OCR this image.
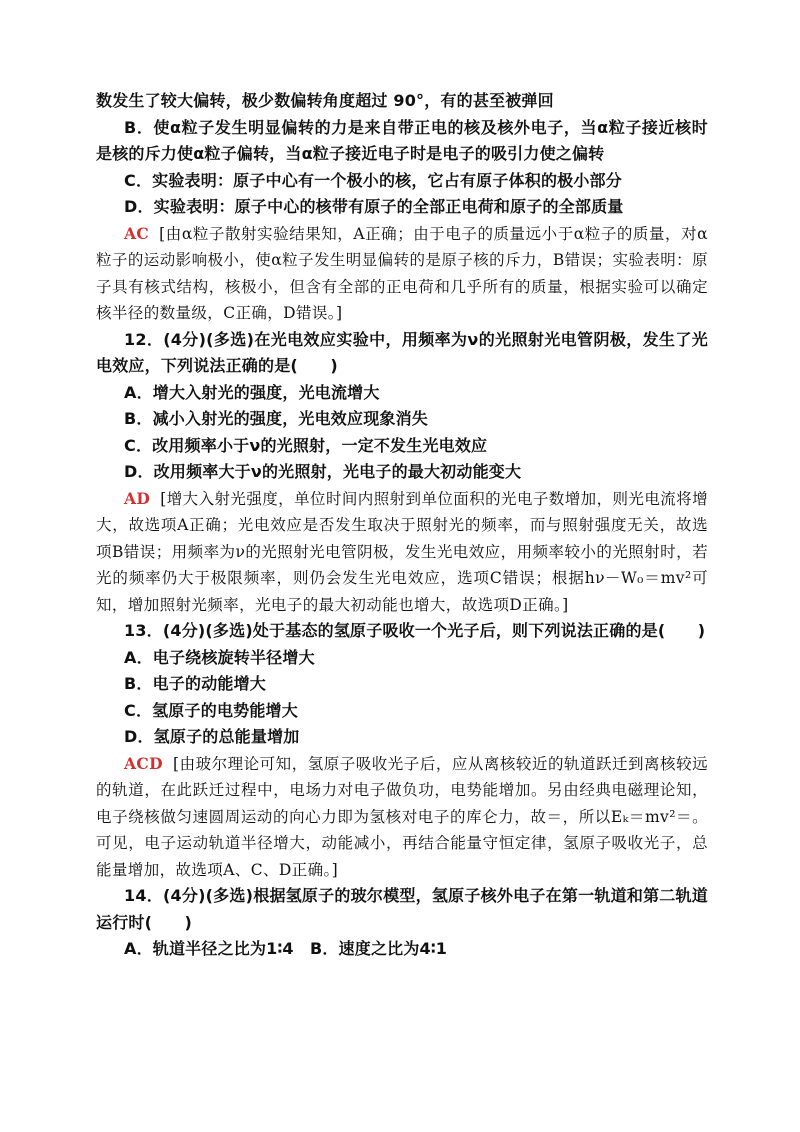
数发生了较大偏转，极少数偏转角度超过 90°，有的甚至被弹回

B．使α粒子发生明显偏转的力是来自带正电的核及核外电子，当α粒子接近核时是核的斥力使α粒子偏转，当α粒子接近电子时是电子的吸引力使之偏转

C．实验表明：原子中心有一个极小的核，它占有原子体积的极小部分

D．实验表明：原子中心的核带有原子的全部正电荷和原子的全部质量

AC [由α粒子散射实验结果知，A正确；由于电子的质量远小于α粒子的质量，对α粒子的运动影响极小，使α粒子发生明显偏转的是原子核的斥力，B错误；实验表明：原子具有核式结构，核极小，但含有全部的正电荷和几乎所有的质量，根据实验可以确定核半径的数量级，C正确，D错误。]

12．(4分)(多选)在光电效应实验中，用频率为ν的光照射光电管阴极，发生了光电效应，下列说法正确的是(　　)

A．增大入射光的强度，光电流增大

B．减小入射光的强度，光电效应现象消失

C．改用频率小于ν的光照射，一定不发生光电效应

D．改用频率大于ν的光照射，光电子的最大初动能变大

AD [增大入射光强度，单位时间内照射到单位面积的光电子数增加，则光电流将增大，故选项A正确；光电效应是否发生取决于照射光的频率，而与照射强度无关，故选项B错误；用频率为ν的光照射光电管阴极，发生光电效应，用频率较小的光照射时，若光的频率仍大于极限频率，则仍会发生光电效应，选项C错误；根据hν－W₀＝mv²可知，增加照射光频率，光电子的最大初动能也增大，故选项D正确。]

13．(4分)(多选)处于基态的氢原子吸收一个光子后，则下列说法正确的是(　　)

A．电子绕核旋转半径增大

B．电子的动能增大

C．氢原子的电势能增大

D．氢原子的总能量增加

ACD [由玻尔理论可知，氢原子吸收光子后，应从离核较近的轨道跃迁到离核较远的轨道，在此跃迁过程中，电场力对电子做负功，电势能增加。另由经典电磁理论知，电子绕核做匀速圆周运动的向心力即为氢核对电子的库仑力，故＝，所以Eₖ＝mv²＝。可见，电子运动轨道半径增大，动能减小，再结合能量守恒定律，氢原子吸收光子，总能量增加，故选项A、C、D正确。]

14．(4分)(多选)根据氢原子的玻尔模型，氢原子核外电子在第一轨道和第二轨道运行时(　　)

A．轨道半径之比为1∶4　B．速度之比为4∶1
